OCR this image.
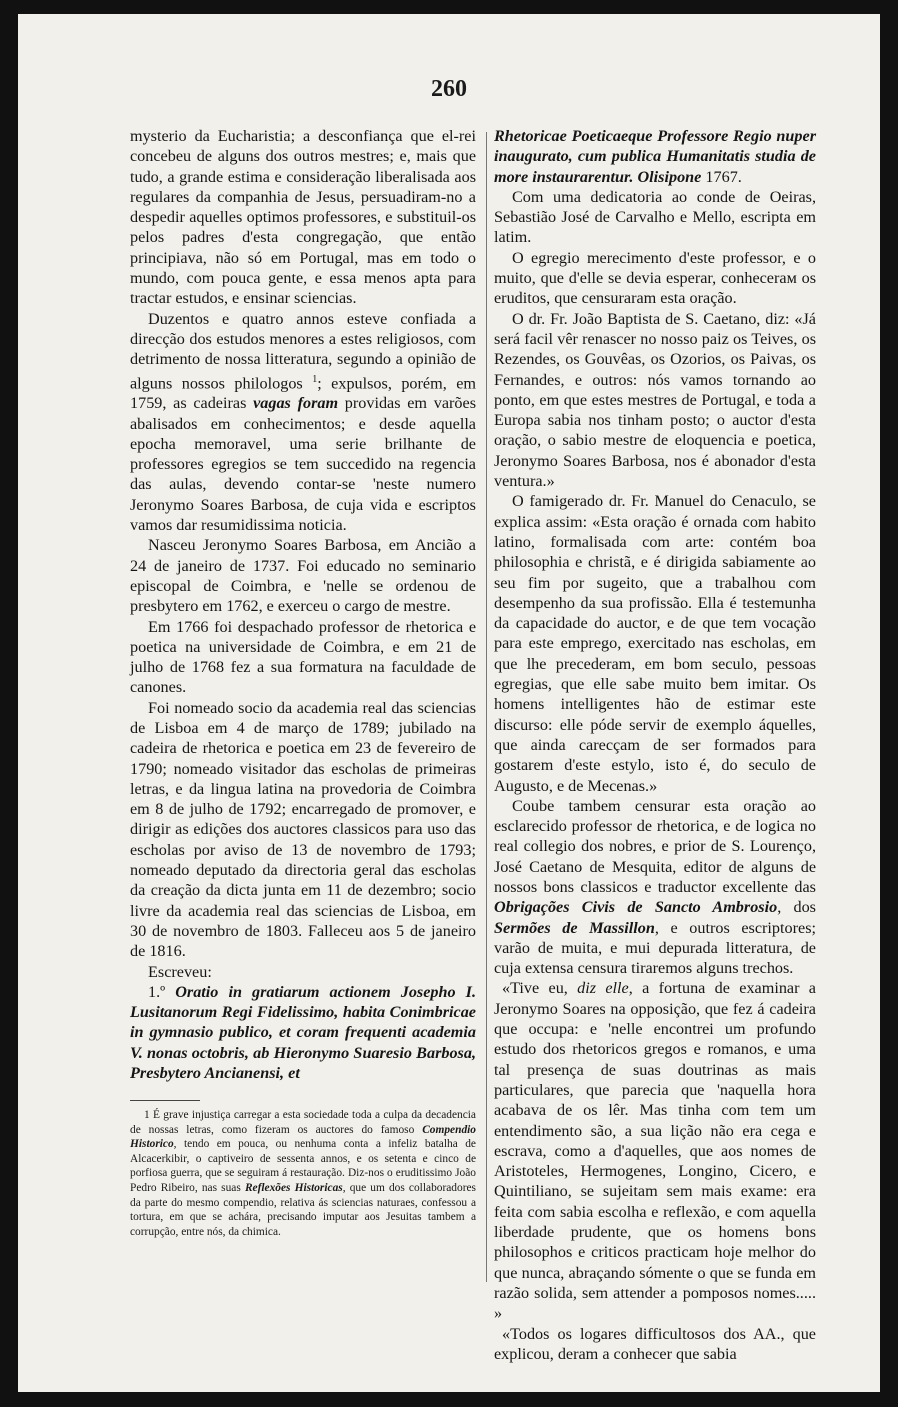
260

mysterio da Eucharistia; a desconfiança que el-rei concebeu de alguns dos outros mestres; e, mais que tudo, a grande estima e consideração liberalisada aos regulares da companhia de Jesus, persuadiram-no a despedir aquelles optimos professores, e substituil-os pelos padres d'esta congregação, que então principiava, não só em Portugal, mas em todo o mundo, com pouca gente, e essa menos apta para tractar estudos, e ensinar sciencias.

Duzentos e quatro annos esteve confiada a direcção dos estudos menores a estes religiosos, com detrimento de nossa litteratura, segundo a opinião de alguns nossos philologos $^1$; expulsos, porém, em 1759, as cadeiras vagas foram providas em varões abalisados em conhecimentos; e desde aquella epocha memoravel, uma serie brilhante de professores egregios se tem succedido na regencia das aulas, devendo contar-se 'neste numero Jeronymo Soares Barbosa, de cuja vida e escriptos vamos dar resumidissima noticia.

Nasceu Jeronymo Soares Barbosa, em Ancião a 24 de janeiro de 1737. Foi educado no seminario episcopal de Coimbra, e 'nelle se ordenou de presbytero em 1762, e exerceu o cargo de mestre.

Em 1766 foi despachado professor de rhetorica e poetica na universidade de Coimbra, e em 21 de julho de 1768 fez a sua formatura na faculdade de canones.

Foi nomeado socio da academia real das sciencias de Lisboa em 4 de março de 1789; jubilado na cadeira de rhetorica e poetica em 23 de fevereiro de 1790; nomeado visitador das escholas de primeiras letras, e da lingua latina na provedoria de Coimbra em 8 de julho de 1792; encarregado de promover, e dirigir as edições dos auctores classicos para uso das escholas por aviso de 13 de novembro de 1793; nomeado deputado da directoria geral das escholas da creação da dicta junta em 11 de dezembro; socio livre da academia real das sciencias de Lisboa, em 30 de novembro de 1803. Falleceu aos 5 de janeiro de 1816.

Escreveu:

1.º Oratio in gratiarum actionem Josepho I. Lusitanorum Regi Fidelissimo, habita Conimbricae in gymnasio publico, et coram frequenti academia V. nonas octobris, ab Hieronymo Suaresio Barbosa, Presbytero Ancianensi, et

1 É grave injustiça carregar a esta sociedade toda a culpa da decadencia de nossas letras, como fizeram os auctores do famoso Compendio Historico, tendo em pouca, ou nenhuma conta a infeliz batalha de Alcacerkibir, o captiveiro de sessenta annos, e os setenta e cinco de porfiosa guerra, que se seguiram á restauração. Diz-nos o eruditissimo João Pedro Ribeiro, nas suas Reflexões Historicas, que um dos collaboradores da parte do mesmo compendio, relativa ás sciencias naturaes, confessou a tortura, em que se achára, precisando imputar aos Jesuitas tambem a corrupção, entre nós, da chimica.

Rhetoricae Poeticaeque Professore Regio nuper inaugurato, cum publica Humanitatis studia de more instaurarentur. Olisipone 1767.

Com uma dedicatoria ao conde de Oeiras, Sebastião José de Carvalho e Mello, escripta em latim.

O egregio merecimento d'este professor, e o muito, que d'elle se devia esperar, conhecerам os eruditos, que censuraram esta oração.

O dr. Fr. João Baptista de S. Caetano, diz: «Já será facil vêr renascer no nosso paiz os Teives, os Rezendes, os Gouvêas, os Ozorios, os Paivas, os Fernandes, e outros: nós vamos tornando ao ponto, em que estes mestres de Portugal, e toda a Europa sabia nos tinham posto; o auctor d'esta oração, o sabio mestre de eloquencia e poetica, Jeronymo Soares Barbosa, nos é abonador d'esta ventura.»

O famigerado dr. Fr. Manuel do Cenaculo, se explica assim: «Esta oração é ornada com habito latino, formalisada com arte: contém boa philosophia e christã, e é dirigida sabiamente ao seu fim por sugeito, que a trabalhou com desempenho da sua profissão. Ella é testemunha da capacidade do auctor, e de que tem vocação para este emprego, exercitado nas escholas, em que lhe precederam, em bom seculo, pessoas egregias, que elle sabe muito bem imitar. Os homens intelligentes hão de estimar este discurso: elle póde servir de exemplo áquelles, que ainda carecçam de ser formados para gostarem d'este estylo, isto é, do seculo de Augusto, e de Mecenas.»

Coube tambem censurar esta oração ao esclarecido professor de rhetorica, e de logica no real collegio dos nobres, e prior de S. Lourenço, José Caetano de Mesquita, editor de alguns de nossos bons classicos e traductor excellente das Obrigações Civis de Sancto Ambrosio, dos Sermões de Massillon, e outros escriptores; varão de muita, e mui depurada litteratura, de cuja extensa censura tiraremos alguns trechos.

«Tive eu, diz elle, a fortuna de examinar a Jeronymo Soares na opposição, que fez á cadeira que occupa: e 'nelle encontrei um profundo estudo dos rhetoricos gregos e romanos, e uma tal presença de suas doutrinas as mais particulares, que parecia que 'naquella hora acabava de os lêr. Mas tinha com tem um entendimento são, a sua lição não era cega e escrava, como a d'aquelles, que aos nomes de Aristoteles, Hermogenes, Longino, Cicero, e Quintiliano, se sujeitam sem mais exame: era feita com sabia escolha e reflexão, e com aquella liberdade prudente, que os homens bons philosophos e criticos practicam hoje melhor do que nunca, abraçando sómente o que se funda em razão solida, sem attender a pomposos nomes..... »

«Todos os logares difficultosos dos AA., que explicou, deram a conhecer que sabia
